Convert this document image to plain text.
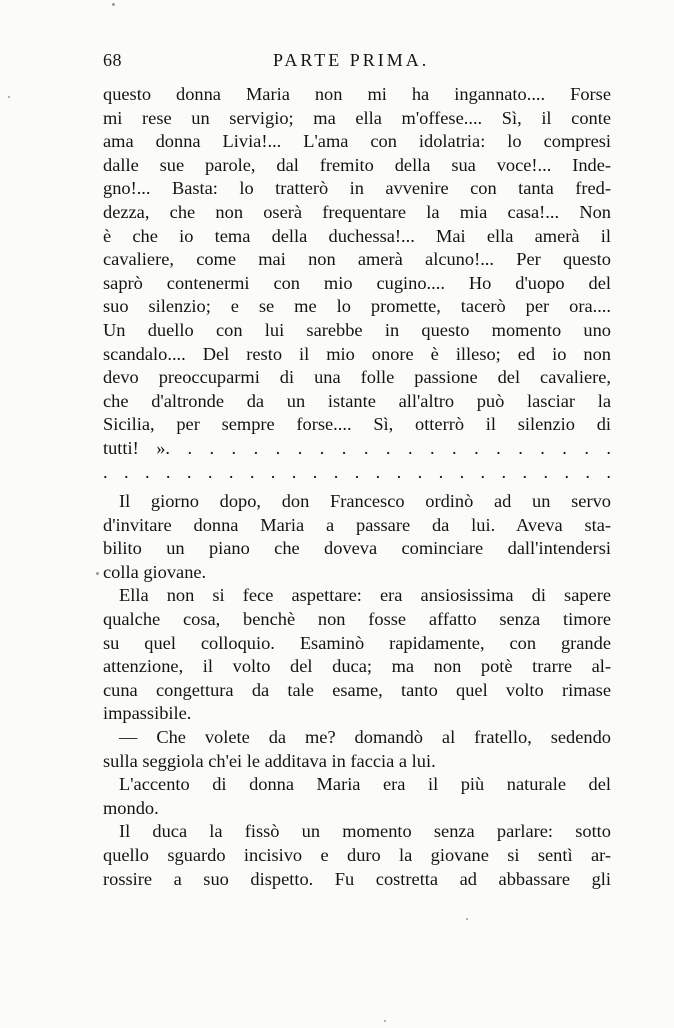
68	PARTE PRIMA.
questo donna Maria non mi ha ingannato.... Forse
mi rese un servigio; ma ella m'offese.... Sì, il conte
ama donna Livia!... L'ama con idolatria: lo compresi
dalle sue parole, dal fremito della sua voce!... Inde-
gno!... Basta: lo tratterò in avvenire con tanta fred-
dezza, che non oserà frequentare la mia casa!... Non
è che io tema della duchessa!... Mai ella amerà il
cavaliere, come mai non amerà alcuno!... Per questo
saprò contenermi con mio cugino.... Ho d'uopo del
suo silenzio; e se me lo promette, tacerò per ora....
Un duello con lui sarebbe in questo momento uno
scandalo.... Del resto il mio onore è illeso; ed io non
devo preoccuparmi di una folle passione del cavaliere,
che d'altronde da un istante all'altro può lasciar la
Sicilia, per sempre forse.... Sì, otterrò il silenzio di
tutti! ». . . . . . . . . . . . . . . . . . . . .
. . . . . . . . . . . . . . . . . . . . . . . . .
Il giorno dopo, don Francesco ordinò ad un servo
d'invitare donna Maria a passare da lui. Aveva sta-
bilito un piano che doveva cominciare dall'intendersi
colla giovane.
Ella non si fece aspettare: era ansiosissima di sapere
qualche cosa, benchè non fosse affatto senza timore
su quel colloquio. Esaminò rapidamente, con grande
attenzione, il volto del duca; ma non potè trarre al-
cuna congettura da tale esame, tanto quel volto rimase
impassibile.
— Che volete da me? domandò al fratello, sedendo
sulla seggiola ch'ei le additava in faccia a lui.
L'accento di donna Maria era il più naturale del
mondo.
Il duca la fissò un momento senza parlare: sotto
quello sguardo incisivo e duro la giovane si sentì ar-
rossire a suo dispetto. Fu costretta ad abbassare gli
